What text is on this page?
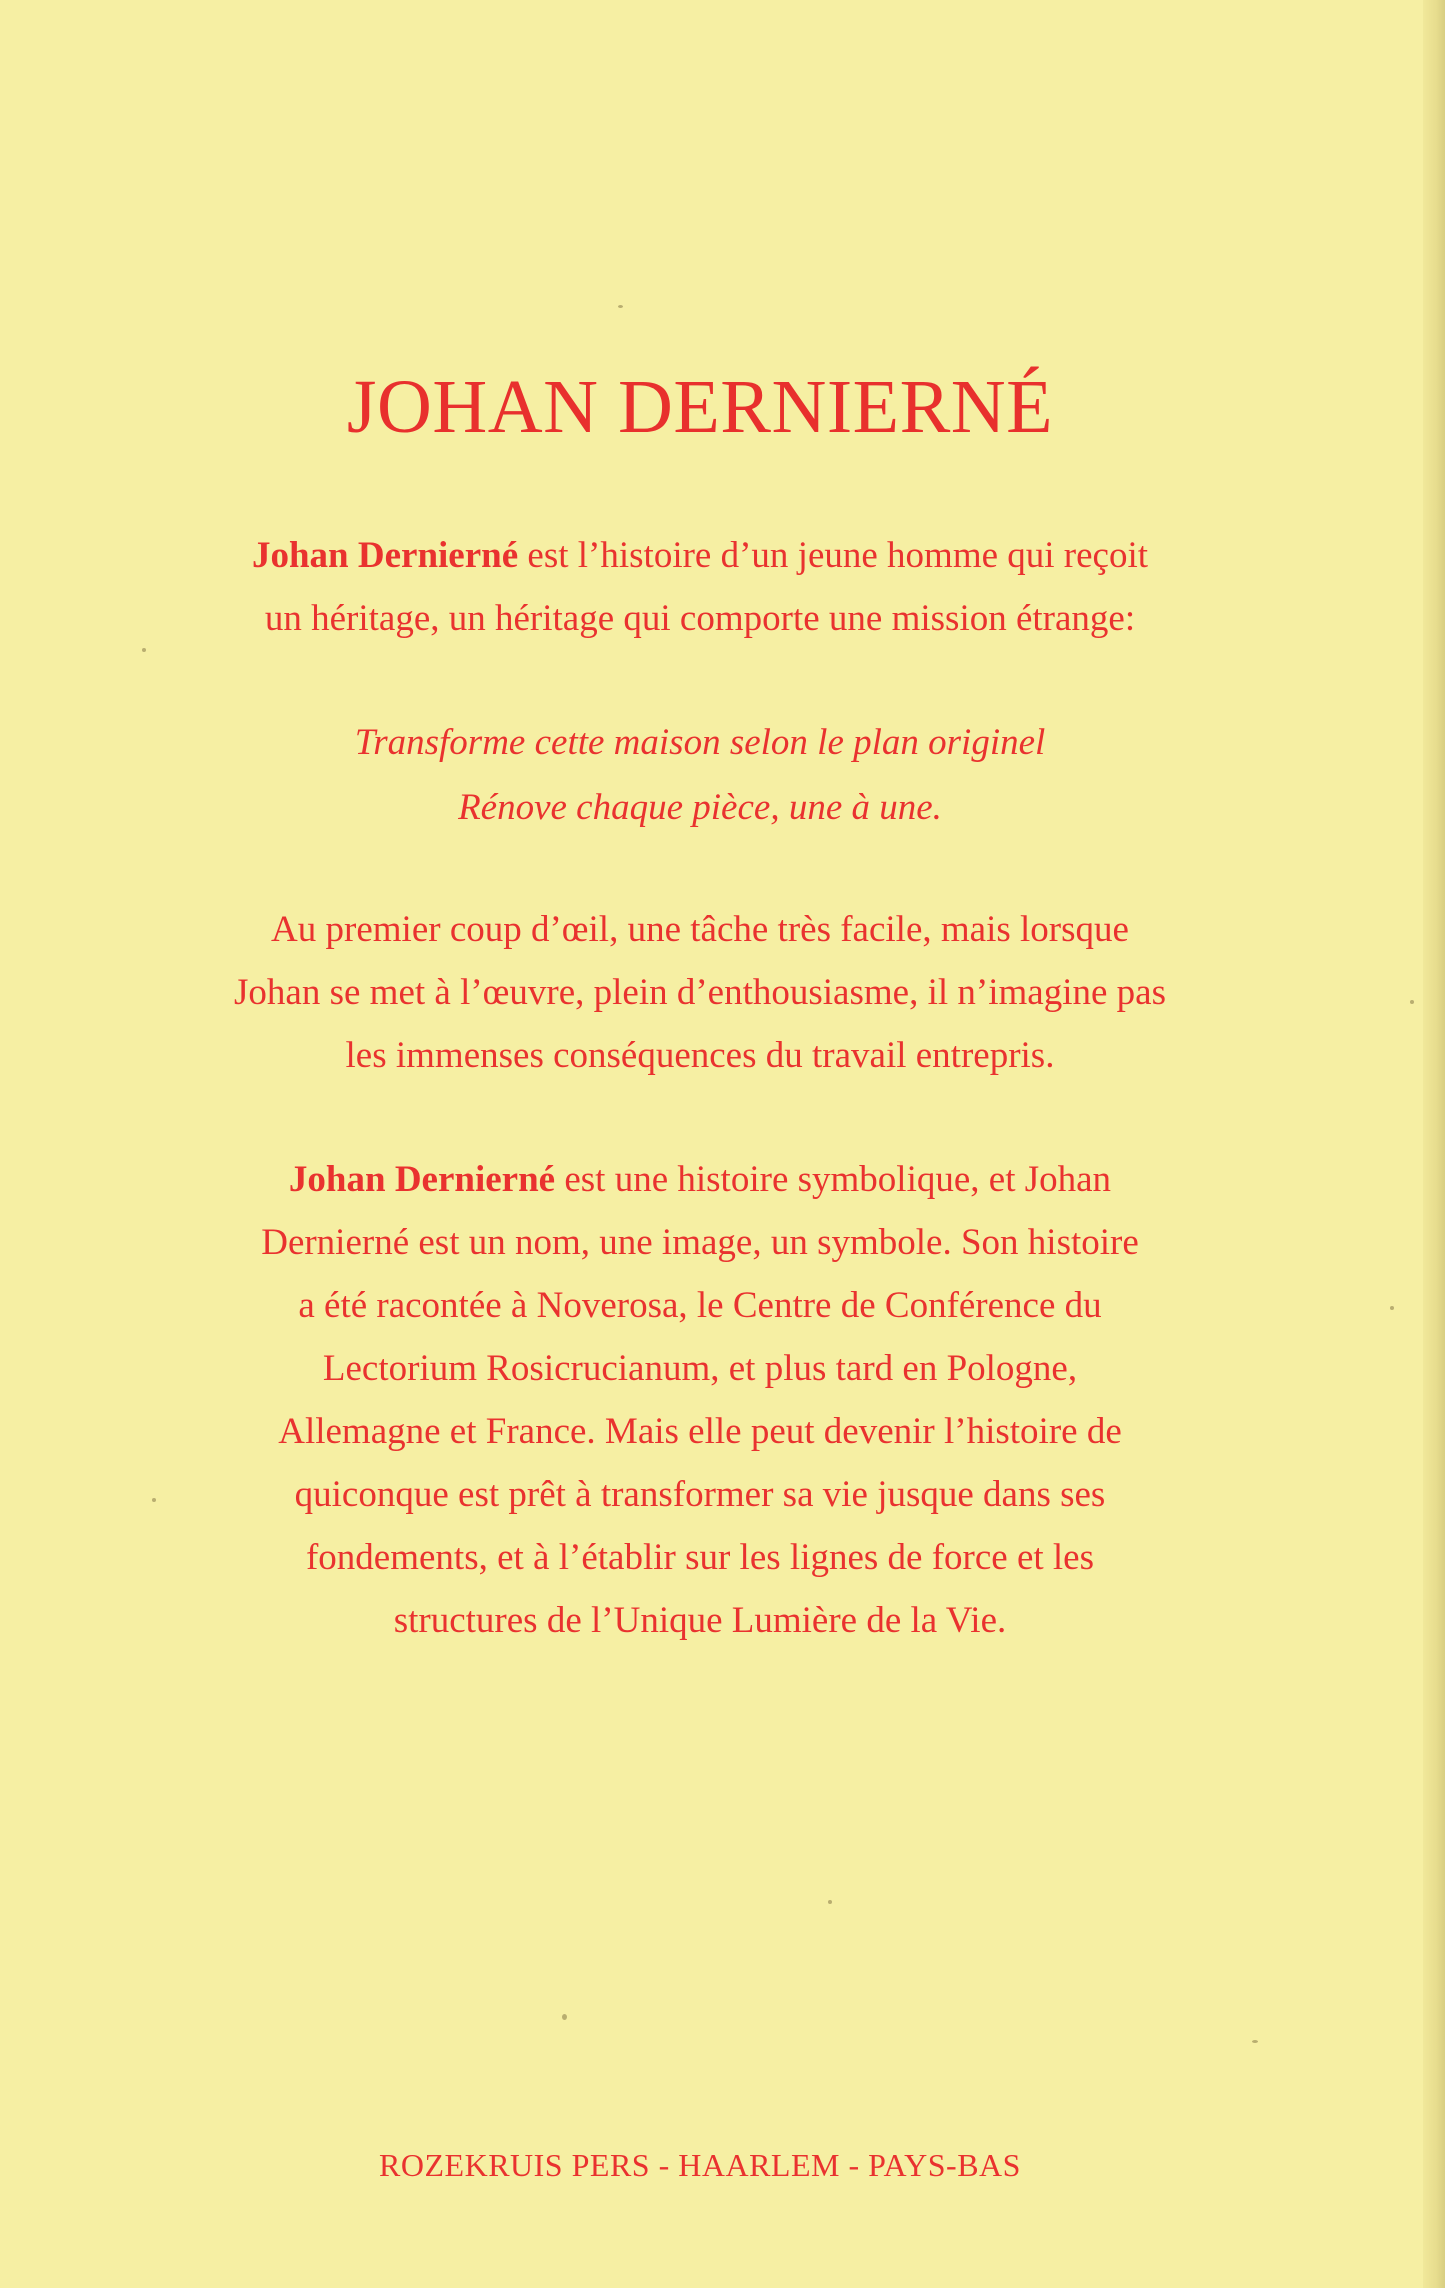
JOHAN DERNIERNÉ

Johan Dernierné est l’histoire d’un jeune homme qui reçoit
un héritage, un héritage qui comporte une mission étrange:

Transforme cette maison selon le plan originel
Rénove chaque pièce, une à une.

Au premier coup d’œil, une tâche très facile, mais lorsque
Johan se met à l’œuvre, plein d’enthousiasme, il n’imagine pas
les immenses conséquences du travail entrepris.

Johan Dernierné est une histoire symbolique, et Johan
Dernierné est un nom, une image, un symbole. Son histoire
a été racontée à Noverosa, le Centre de Conférence du
Lectorium Rosicrucianum, et plus tard en Pologne,
Allemagne et France. Mais elle peut devenir l’histoire de
quiconque est prêt à transformer sa vie jusque dans ses
fondements, et à l’établir sur les lignes de force et les
structures de l’Unique Lumière de la Vie.

ROZEKRUIS PERS - HAARLEM - PAYS-BAS
